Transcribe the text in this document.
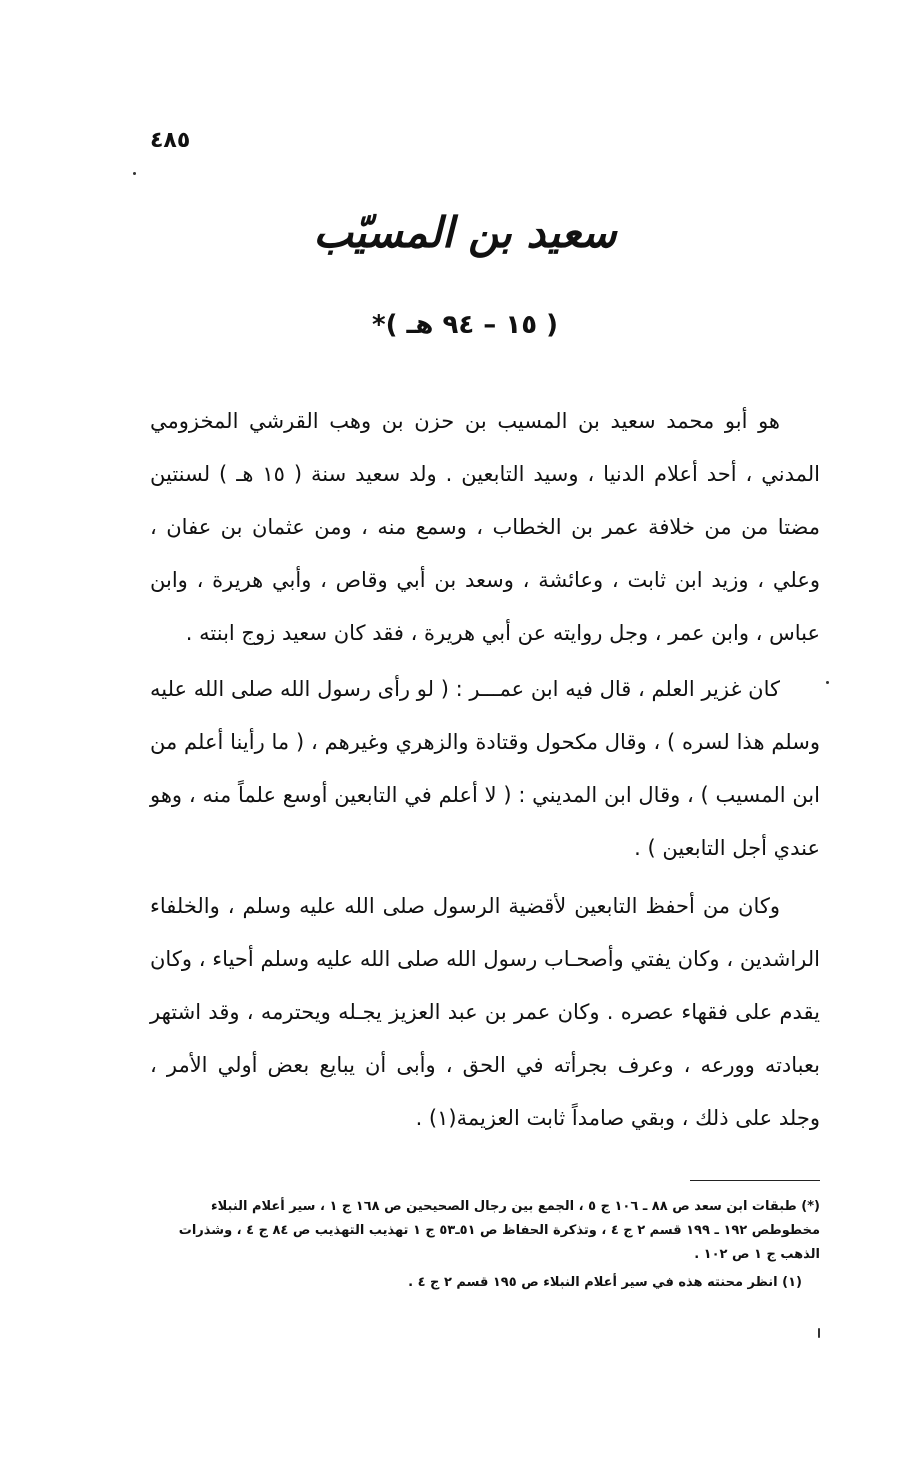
٤٨٥
سعيد بن المسيّب
( ١٥ – ٩٤ هـ )*

هو أبو محمد سعيد بن المسيب بن حزن بن وهب القرشي المخزومي المدني ، أحد أعلام الدنيا ، وسيد التابعين . ولد سعيد سنة ( ١٥ هـ ) لسنتين مضتا من من خلافة عمر بن الخطاب ، وسمع منه ، ومن عثمان بن عفان ، وعلي ، وزيد ابن ثابت ، وعائشة ، وسعد بن أبي وقاص ، وأبي هريرة ، وابن عباس ، وابن عمر ، وجل روايته عن أبي هريرة ، فقد كان سعيد زوج ابنته .

كان غزير العلم ، قال فيه ابن عمـــر : ( لو رأى رسول الله صلى الله عليه وسلم هذا لسره ) ، وقال مكحول وقتادة والزهري وغيرهم ، ( ما رأينا أعلم من ابن المسيب ) ، وقال ابن المديني : ( لا أعلم في التابعين أوسع علماً منه ، وهو عندي أجل التابعين ) .

وكان من أحفظ التابعين لأقضية الرسول صلى الله عليه وسلم ، والخلفاء الراشدين ، وكان يفتي وأصحـاب رسول الله صلى الله عليه وسلم أحياء ، وكان يقدم على فقهاء عصره . وكان عمر بن عبد العزيز يجـله ويحترمه ، وقد اشتهر بعبادته وورعه ، وعرف بجرأته في الحق ، وأبى أن يبايع بعض أولي الأمر ، وجلد على ذلك ، وبقي صامداً ثابت العزيمة(١) .

(*) طبقات ابن سعد ص ٨٨ ـ ١٠٦ ج ٥ ، الجمع بين رجال الصحيحين ص ١٦٨ ج ١ ، سير أعلام النبلاء مخطوطص ١٩٢ ـ ١٩٩ قسم ٢ ج ٤ ، وتذكرة الحفاظ ص ٥١ـ٥٣ ج ١ تهذيب التهذيب ص ٨٤ ج ٤ ، وشذرات الذهب ج ١ ص ١٠٢ .

(١) انظر محنته هذه في سير أعلام النبلاء ص ١٩٥ قسم ٢ ج ٤ .
